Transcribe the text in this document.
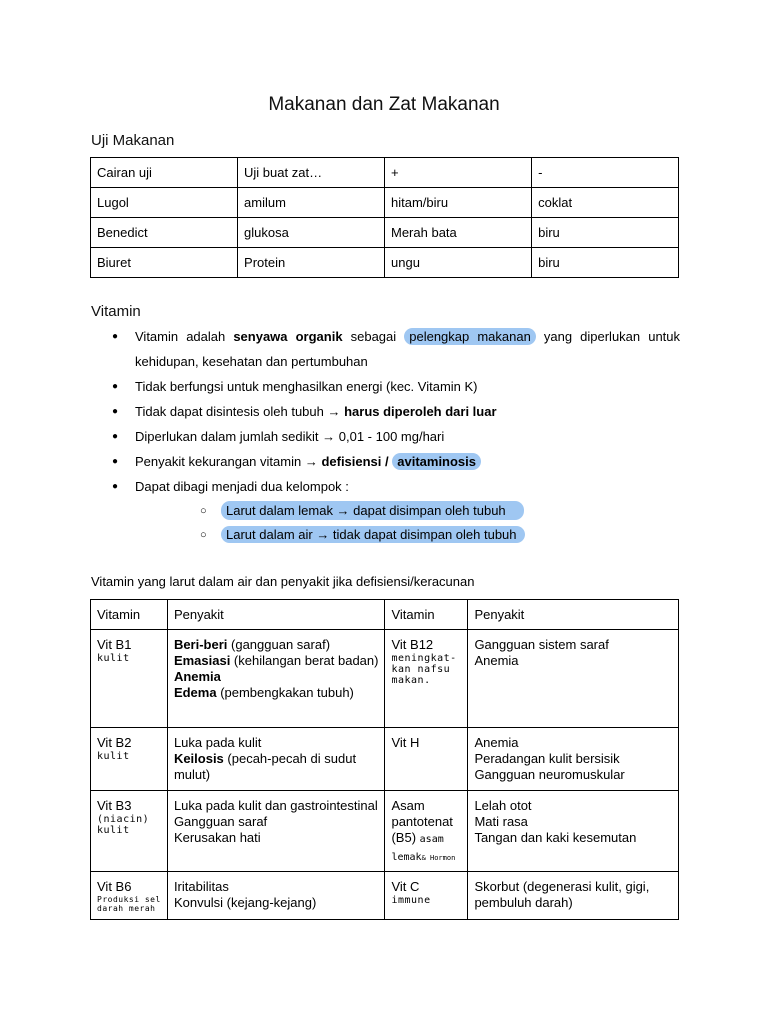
Makanan dan Zat Makanan
Uji Makanan
Cairan uji	Uji buat zat…	+	-
Lugol	amilum	hitam/biru	coklat
Benedict	glukosa	Merah bata	biru
Biuret	Protein	ungu	biru
Vitamin
● Vitamin adalah senyawa organik sebagai pelengkap makanan yang diperlukan untuk kehidupan, kesehatan dan pertumbuhan
● Tidak berfungsi untuk menghasilkan energi (kec. Vitamin K)
● Tidak dapat disintesis oleh tubuh → harus diperoleh dari luar
● Diperlukan dalam jumlah sedikit → 0,01 - 100 mg/hari
● Penyakit kekurangan vitamin → defisiensi / avitaminosis
● Dapat dibagi menjadi dua kelompok :
○ Larut dalam lemak → dapat disimpan oleh tubuh
○ Larut dalam air → tidak dapat disimpan oleh tubuh
Vitamin yang larut dalam air dan penyakit jika defisiensi/keracunan
Vitamin	Penyakit	Vitamin	Penyakit
Vit B1
kulit	Beri-beri (gangguan saraf)
Emasiasi (kehilangan berat badan)
Anemia
Edema (pembengkakan tubuh)	Vit B12
meningkat-
kan nafsu
makan.	Gangguan sistem saraf
Anemia
Vit B2
kulit	Luka pada kulit
Keilosis (pecah-pecah di sudut mulut)	Vit H	Anemia
Peradangan kulit bersisik
Gangguan neuromuskular
Vit B3
(niacin)
kulit	Luka pada kulit dan gastrointestinal
Gangguan saraf
Kerusakan hati	Asam
pantotenat
(B5) asam
lemak& Hormon	Lelah otot
Mati rasa
Tangan dan kaki kesemutan
Vit B6
Produksi sel
darah merah	Iritabilitas
Konvulsi (kejang-kejang)	Vit C
immune	Skorbut (degenerasi kulit, gigi, pembuluh darah)
